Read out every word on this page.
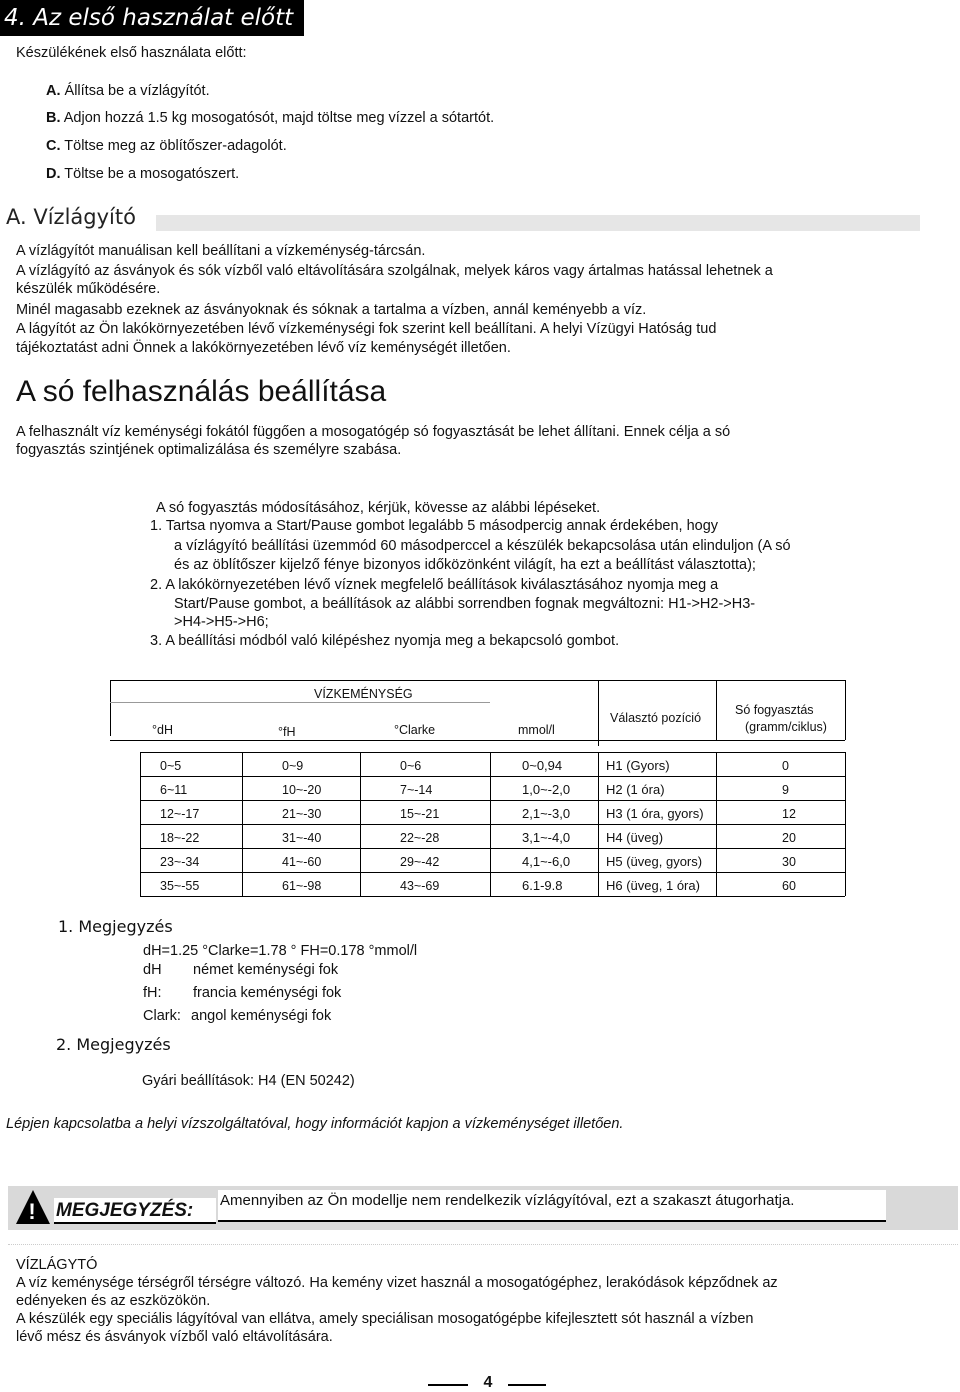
4. Az első használat előtt
Készülékének első használata előtt:
A. Állítsa be a vízlágyítót.
B. Adjon hozzá 1.5 kg mosogatósót, majd töltse meg vízzel a sótartót.
C. Töltse meg az öblítőszer-adagolót.
D. Töltse be a mosogatószert.
A. Vízlágyító
A vízlágyítót manuálisan kell beállítani a vízkeménység-tárcsán.
A vízlágyító az ásványok és sók vízből való eltávolítására szolgálnak, melyek káros vagy ártalmas hatással lehetnek a
készülék működésére.
Minél magasabb ezeknek az ásványoknak és sóknak a tartalma a vízben, annál keményebb a víz.
A lágyítót az Ön lakókörnyezetében lévő vízkeménységi fok szerint kell beállítani. A helyi Vízügyi Hatóság tud
tájékoztatást adni Önnek a lakókörnyezetében lévő víz keménységét illetően.
A só felhasználás beállítása
A felhasznált víz keménységi fokától függően a mosogatógép só fogyasztását be lehet állítani. Ennek célja a só
fogyasztás szintjének optimalizálása és személyre szabása.
A só fogyasztás módosításához, kérjük, kövesse az alábbi lépéseket.
1. Tartsa nyomva a Start/Pause gombot legalább 5 másodpercig annak érdekében, hogy
a vízlágyító beállítási üzemmód 60 másodperccel a készülék bekapcsolása után elinduljon (A só
és az öblítőszer kijelző fénye bizonyos időközönként világít, ha ezt a beállítást választotta);
2. A lakókörnyezetében lévő víznek megfelelő beállítások kiválasztásához nyomja meg a
Start/Pause gombot, a beállítások az alábbi sorrendben fognak megváltozni: H1->H2->H3-
>H4->H5->H6;
3. A beállítási módból való kilépéshez nyomja meg a bekapcsoló gombot.
VÍZKEMÉNYSÉG
°dH	°fH	°Clarke	mmol/l
Választó pozíció
Só fogyasztás
(gramm/ciklus)
0~5	0~9	0~6	0~0,94	H1 (Gyors)	0
6~11	10~-20	7~-14	1,0~-2,0	H2 (1 óra)	9
12~-17	21~-30	15~-21	2,1~-3,0	H3 (1 óra, gyors)	12
18~-22	31~-40	22~-28	3,1~-4,0	H4 (üveg)	20
23~-34	41~-60	29~-42	4,1~-6,0	H5 (üveg, gyors)	30
35~-55	61~-98	43~-69	6.1-9.8	H6 (üveg, 1 óra)	60
1. Megjegyzés
dH=1.25 °Clarke=1.78 ° FH=0.178 °mmol/l
dH német keménységi fok
fH: francia keménységi fok
Clark: angol keménységi fok
2. Megjegyzés
Gyári beállítások: H4 (EN 50242)
Lépjen kapcsolatba a helyi vízszolgáltatóval, hogy információt kapjon a vízkeménységet illetően.
! MEGJEGYZÉS:	Amennyiben az Ön modellje nem rendelkezik vízlágyítóval, ezt a szakaszt átugorhatja.
VÍZLÁGYTÓ
A víz keménysége térségről térségre változó. Ha kemény vizet használ a mosogatógéphez, lerakódások képződnek az
edényeken és az eszközökön.
A készülék egy speciális lágyítóval van ellátva, amely speciálisan mosogatógépbe kifejlesztett sót használ a vízben
lévő mész és ásványok vízből való eltávolítására.
4
